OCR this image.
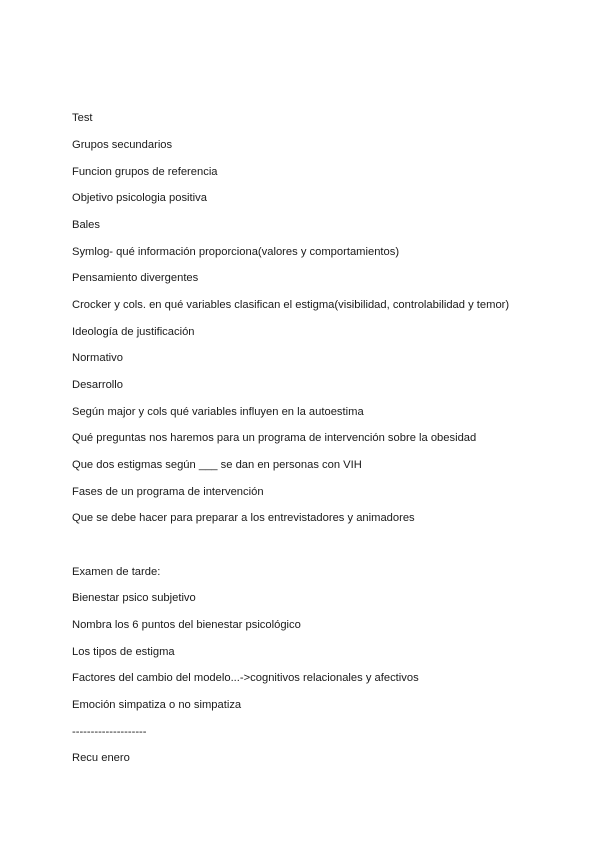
Test
Grupos secundarios
Funcion grupos de referencia
Objetivo psicologia positiva
Bales
Symlog- qué información proporciona(valores y comportamientos)
Pensamiento divergentes
Crocker y cols. en qué variables clasifican el estigma(visibilidad, controlabilidad y temor)
Ideología de justificación
Normativo
Desarrollo
Según major y cols qué variables influyen en la autoestima
Qué preguntas nos haremos para un programa de intervención sobre la obesidad
Que dos estigmas según ___ se dan en personas con VIH
Fases de un programa de intervención
Que se debe hacer para preparar a los entrevistadores y animadores
Examen de tarde:
Bienestar psico subjetivo
Nombra los 6 puntos del bienestar psicológico
Los tipos de estigma
Factores del cambio del modelo...->cognitivos relacionales y afectivos
Emoción simpatiza o no simpatiza
--------------------
Recu enero
